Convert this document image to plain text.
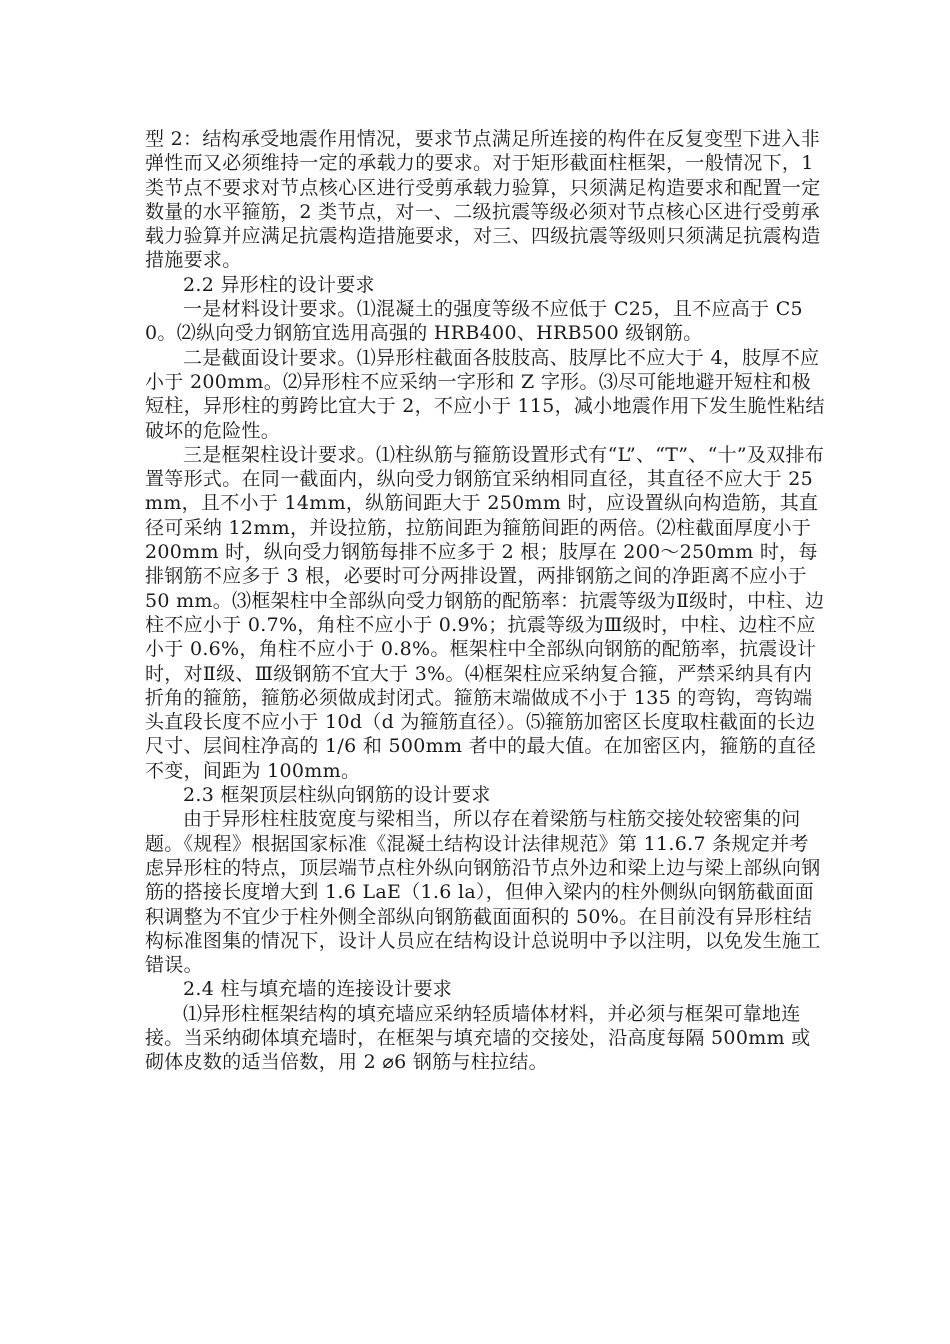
型 2：结构承受地震作用情况，要求节点满足所连接的构件在反复变型下进入非弹性而又必须维持一定的承载力的要求。对于矩形截面柱框架，一般情况下，1 类节点不要求对节点核心区进行受剪承载力验算，只须满足构造要求和配置一定数量的水平箍筋，2 类节点，对一、二级抗震等级必须对节点核心区进行受剪承载力验算并应满足抗震构造措施要求，对三、四级抗震等级则只须满足抗震构造措施要求。

2.2 异形柱的设计要求

一是材料设计要求。⑴混凝土的强度等级不应低于 C25，且不应高于 C50。⑵纵向受力钢筋宜选用高强的 HRB400、HRB500 级钢筋。

二是截面设计要求。⑴异形柱截面各肢肢高、肢厚比不应大于 4，肢厚不应小于 200mm。⑵异形柱不应采纳一字形和 Z 字形。⑶尽可能地避开短柱和极短柱，异形柱的剪跨比宜大于 2，不应小于 115，减小地震作用下发生脆性粘结破坏的危险性。

三是框架柱设计要求。⑴柱纵筋与箍筋设置形式有“L”、“T”、“十”及双排布置等形式。在同一截面内，纵向受力钢筋宜采纳相同直径，其直径不应大于 25mm，且不小于 14mm，纵筋间距大于 250mm 时，应设置纵向构造筋，其直径可采纳 12mm，并设拉筋，拉筋间距为箍筋间距的两倍。⑵柱截面厚度小于 200mm 时，纵向受力钢筋每排不应多于 2 根；肢厚在 200～250mm 时，每排钢筋不应多于 3 根，必要时可分两排设置，两排钢筋之间的净距离不应小于 50 mm。⑶框架柱中全部纵向受力钢筋的配筋率：抗震等级为Ⅱ级时，中柱、边柱不应小于 0.7%，角柱不应小于 0.9%；抗震等级为Ⅲ级时，中柱、边柱不应小于 0.6%，角柱不应小于 0.8%。框架柱中全部纵向钢筋的配筋率，抗震设计时，对Ⅱ级、Ⅲ级钢筋不宜大于 3%。⑷框架柱应采纳复合箍，严禁采纳具有内折角的箍筋，箍筋必须做成封闭式。箍筋末端做成不小于 135 的弯钩，弯钩端头直段长度不应小于 10d（d 为箍筋直径）。⑸箍筋加密区长度取柱截面的长边尺寸、层间柱净高的 1/6 和 500mm 者中的最大值。在加密区内，箍筋的直径不变，间距为 100mm。

2.3 框架顶层柱纵向钢筋的设计要求

由于异形柱柱肢宽度与梁相当，所以存在着梁筋与柱筋交接处较密集的问题。《规程》根据国家标准《混凝土结构设计法律规范》第 11.6.7 条规定并考虑异形柱的特点，顶层端节点柱外纵向钢筋沿节点外边和梁上边与梁上部纵向钢筋的搭接长度增大到 1.6 LaE（1.6 la），但伸入梁内的柱外侧纵向钢筋截面面积调整为不宜少于柱外侧全部纵向钢筋截面面积的 50%。在目前没有异形柱结构标准图集的情况下，设计人员应在结构设计总说明中予以注明，以免发生施工错误。

2.4 柱与填充墙的连接设计要求

⑴异形柱框架结构的填充墙应采纳轻质墙体材料，并必须与框架可靠地连接。当采纳砌体填充墙时，在框架与填充墙的交接处，沿高度每隔 500mm 或砌体皮数的适当倍数，用 2 ⌀6 钢筋与柱拉结。
